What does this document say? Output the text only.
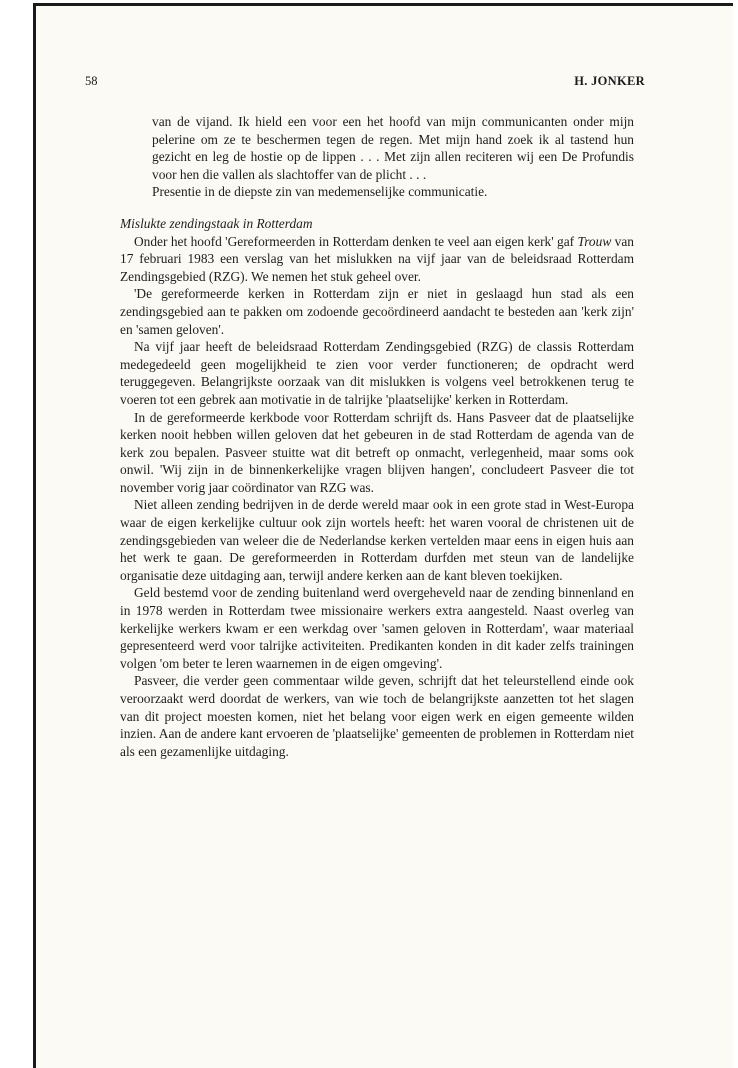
58	H. JONKER

van de vijand. Ik hield een voor een het hoofd van mijn communicanten onder mijn pelerine om ze te beschermen tegen de regen. Met mijn hand zoek ik al tastend hun gezicht en leg de hostie op de lippen . . . Met zijn allen reciteren wij een De Profundis voor hen die vallen als slachtoffer van de plicht . . .

Presentie in de diepste zin van medemenselijke communicatie.

Mislukte zendingstaak in Rotterdam

Onder het hoofd 'Gereformeerden in Rotterdam denken te veel aan eigen kerk' gaf Trouw van 17 februari 1983 een verslag van het mislukken na vijf jaar van de beleidsraad Rotterdam Zendingsgebied (RZG). We nemen het stuk geheel over.

'De gereformeerde kerken in Rotterdam zijn er niet in geslaagd hun stad als een zendingsgebied aan te pakken om zodoende gecoördineerd aandacht te besteden aan 'kerk zijn' en 'samen geloven'.

Na vijf jaar heeft de beleidsraad Rotterdam Zendingsgebied (RZG) de classis Rotterdam medegedeeld geen mogelijkheid te zien voor verder functioneren; de opdracht werd teruggegeven. Belangrijkste oorzaak van dit mislukken is volgens veel betrokkenen terug te voeren tot een gebrek aan motivatie in de talrijke 'plaatselijke' kerken in Rotterdam.

In de gereformeerde kerkbode voor Rotterdam schrijft ds. Hans Pasveer dat de plaatselijke kerken nooit hebben willen geloven dat het gebeuren in de stad Rotterdam de agenda van de kerk zou bepalen. Pasveer stuitte wat dit betreft op onmacht, verlegenheid, maar soms ook onwil. 'Wij zijn in de binnenkerkelijke vragen blijven hangen', concludeert Pasveer die tot november vorig jaar coördinator van RZG was.

Niet alleen zending bedrijven in de derde wereld maar ook in een grote stad in West-Europa waar de eigen kerkelijke cultuur ook zijn wortels heeft: het waren vooral de christenen uit de zendingsgebieden van weleer die de Nederlandse kerken vertelden maar eens in eigen huis aan het werk te gaan. De gereformeerden in Rotterdam durfden met steun van de landelijke organisatie deze uitdaging aan, terwijl andere kerken aan de kant bleven toekijken.

Geld bestemd voor de zending buitenland werd overgeheveld naar de zending binnenland en in 1978 werden in Rotterdam twee missionaire werkers extra aangesteld. Naast overleg van kerkelijke werkers kwam er een werkdag over 'samen geloven in Rotterdam', waar materiaal gepresenteerd werd voor talrijke activiteiten. Predikanten konden in dit kader zelfs trainingen volgen 'om beter te leren waarnemen in de eigen omgeving'.

Pasveer, die verder geen commentaar wilde geven, schrijft dat het teleurstellend einde ook veroorzaakt werd doordat de werkers, van wie toch de belangrijkste aanzetten tot het slagen van dit project moesten komen, niet het belang voor eigen werk en eigen gemeente wilden inzien. Aan de andere kant ervoeren de 'plaatselijke' gemeenten de problemen in Rotterdam niet als een gezamenlijke uitdaging.
